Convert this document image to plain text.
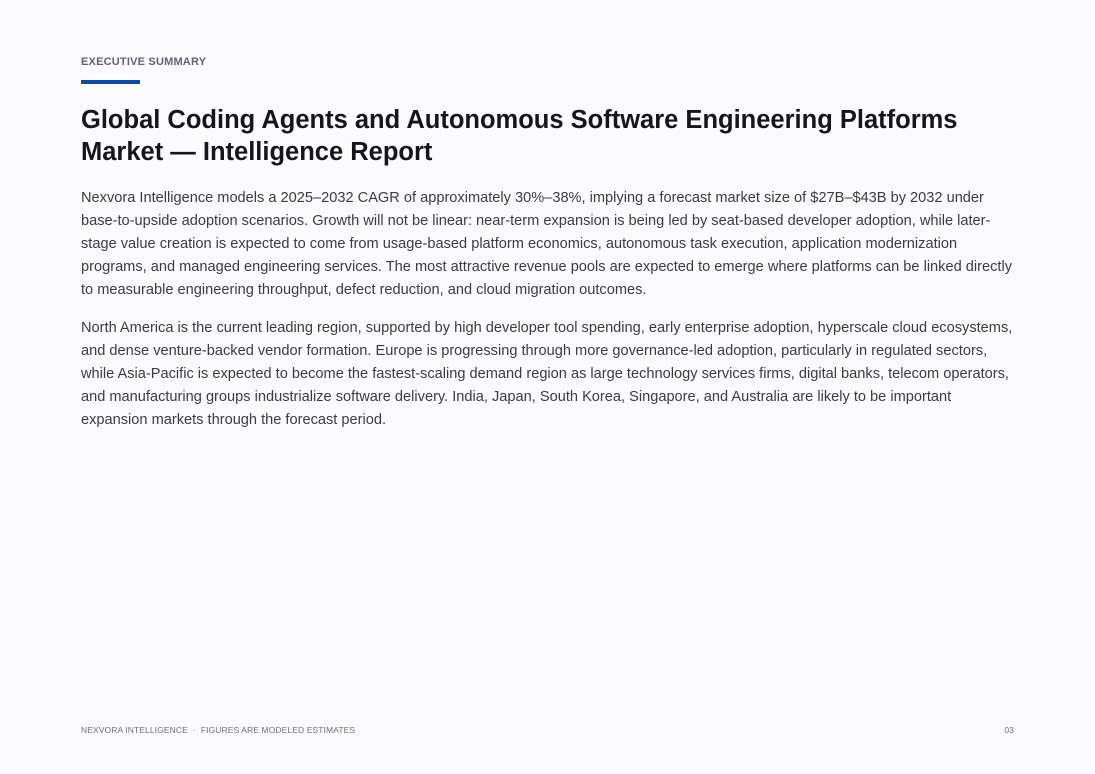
EXECUTIVE SUMMARY
Global Coding Agents and Autonomous Software Engineering Platforms Market — Intelligence Report

Nexvora Intelligence models a 2025–2032 CAGR of approximately 30%–38%, implying a forecast market size of $27B–$43B by 2032 under base-to-upside adoption scenarios. Growth will not be linear: near-term expansion is being led by seat-based developer adoption, while later-stage value creation is expected to come from usage-based platform economics, autonomous task execution, application modernization programs, and managed engineering services. The most attractive revenue pools are expected to emerge where platforms can be linked directly to measurable engineering throughput, defect reduction, and cloud migration outcomes.

North America is the current leading region, supported by high developer tool spending, early enterprise adoption, hyperscale cloud ecosystems, and dense venture-backed vendor formation. Europe is progressing through more governance-led adoption, particularly in regulated sectors, while Asia-Pacific is expected to become the fastest-scaling demand region as large technology services firms, digital banks, telecom operators, and manufacturing groups industrialize software delivery. India, Japan, South Korea, Singapore, and Australia are likely to be important expansion markets through the forecast period.

NEXVORA INTELLIGENCE · FIGURES ARE MODELED ESTIMATES	03
